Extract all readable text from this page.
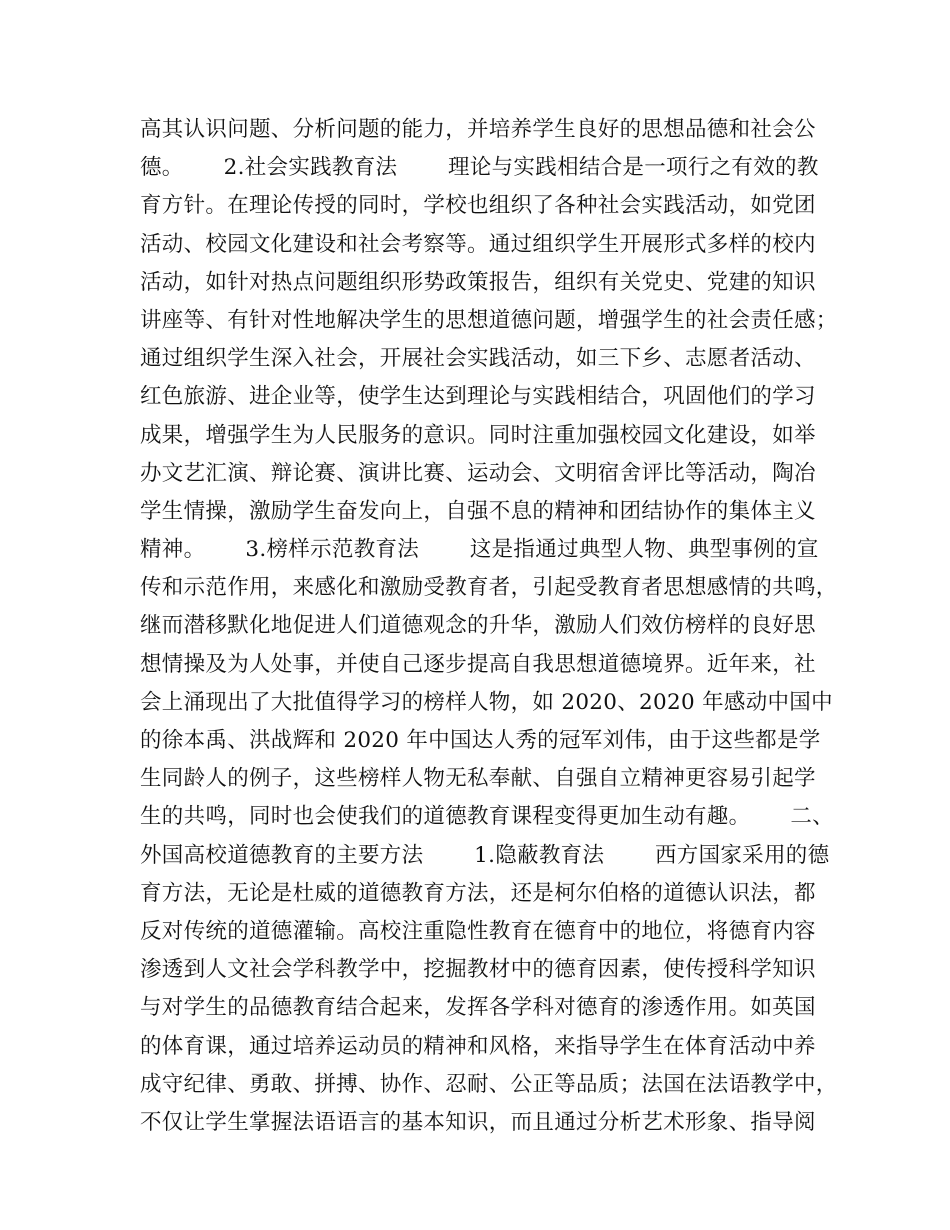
高其认识问题、分析问题的能力，并培养学生良好的思想品德和社会公
德。　　 2.社会实践教育法　　 理论与实践相结合是一项行之有效的教
育方针。在理论传授的同时，学校也组织了各种社会实践活动，如党团
活动、校园文化建设和社会考察等。通过组织学生开展形式多样的校内
活动，如针对热点问题组织形势政策报告，组织有关党史、党建的知识
讲座等、有针对性地解决学生的思想道德问题，增强学生的社会责任感；
通过组织学生深入社会，开展社会实践活动，如三下乡、志愿者活动、
红色旅游、进企业等，使学生达到理论与实践相结合，巩固他们的学习
成果，增强学生为人民服务的意识。同时注重加强校园文化建设，如举
办文艺汇演、辩论赛、演讲比赛、运动会、文明宿舍评比等活动，陶冶
学生情操，激励学生奋发向上，自强不息的精神和团结协作的集体主义
精神。　　 3.榜样示范教育法　　 这是指通过典型人物、典型事例的宣
传和示范作用，来感化和激励受教育者，引起受教育者思想感情的共鸣，
继而潜移默化地促进人们道德观念的升华，激励人们效仿榜样的良好思
想情操及为人处事，并使自己逐步提高自我思想道德境界。近年来，社
会上涌现出了大批值得学习的榜样人物，如 2020、2020 年感动中国中
的徐本禹、洪战辉和 2020 年中国达人秀的冠军刘伟，由于这些都是学
生同龄人的例子，这些榜样人物无私奉献、自强自立精神更容易引起学
生的共鸣，同时也会使我们的道德教育课程变得更加生动有趣。　　 二、
外国高校道德教育的主要方法　　 1.隐蔽教育法　　 西方国家采用的德
育方法，无论是杜威的道德教育方法，还是柯尔伯格的道德认识法，都
反对传统的道德灌输。高校注重隐性教育在德育中的地位，将德育内容
渗透到人文社会学科教学中，挖掘教材中的德育因素，使传授科学知识
与对学生的品德教育结合起来，发挥各学科对德育的渗透作用。如英国
的体育课，通过培养运动员的精神和风格，来指导学生在体育活动中养
成守纪律、勇敢、拼搏、协作、忍耐、公正等品质；法国在法语教学中，
不仅让学生掌握法语语言的基本知识，而且通过分析艺术形象、指导阅
